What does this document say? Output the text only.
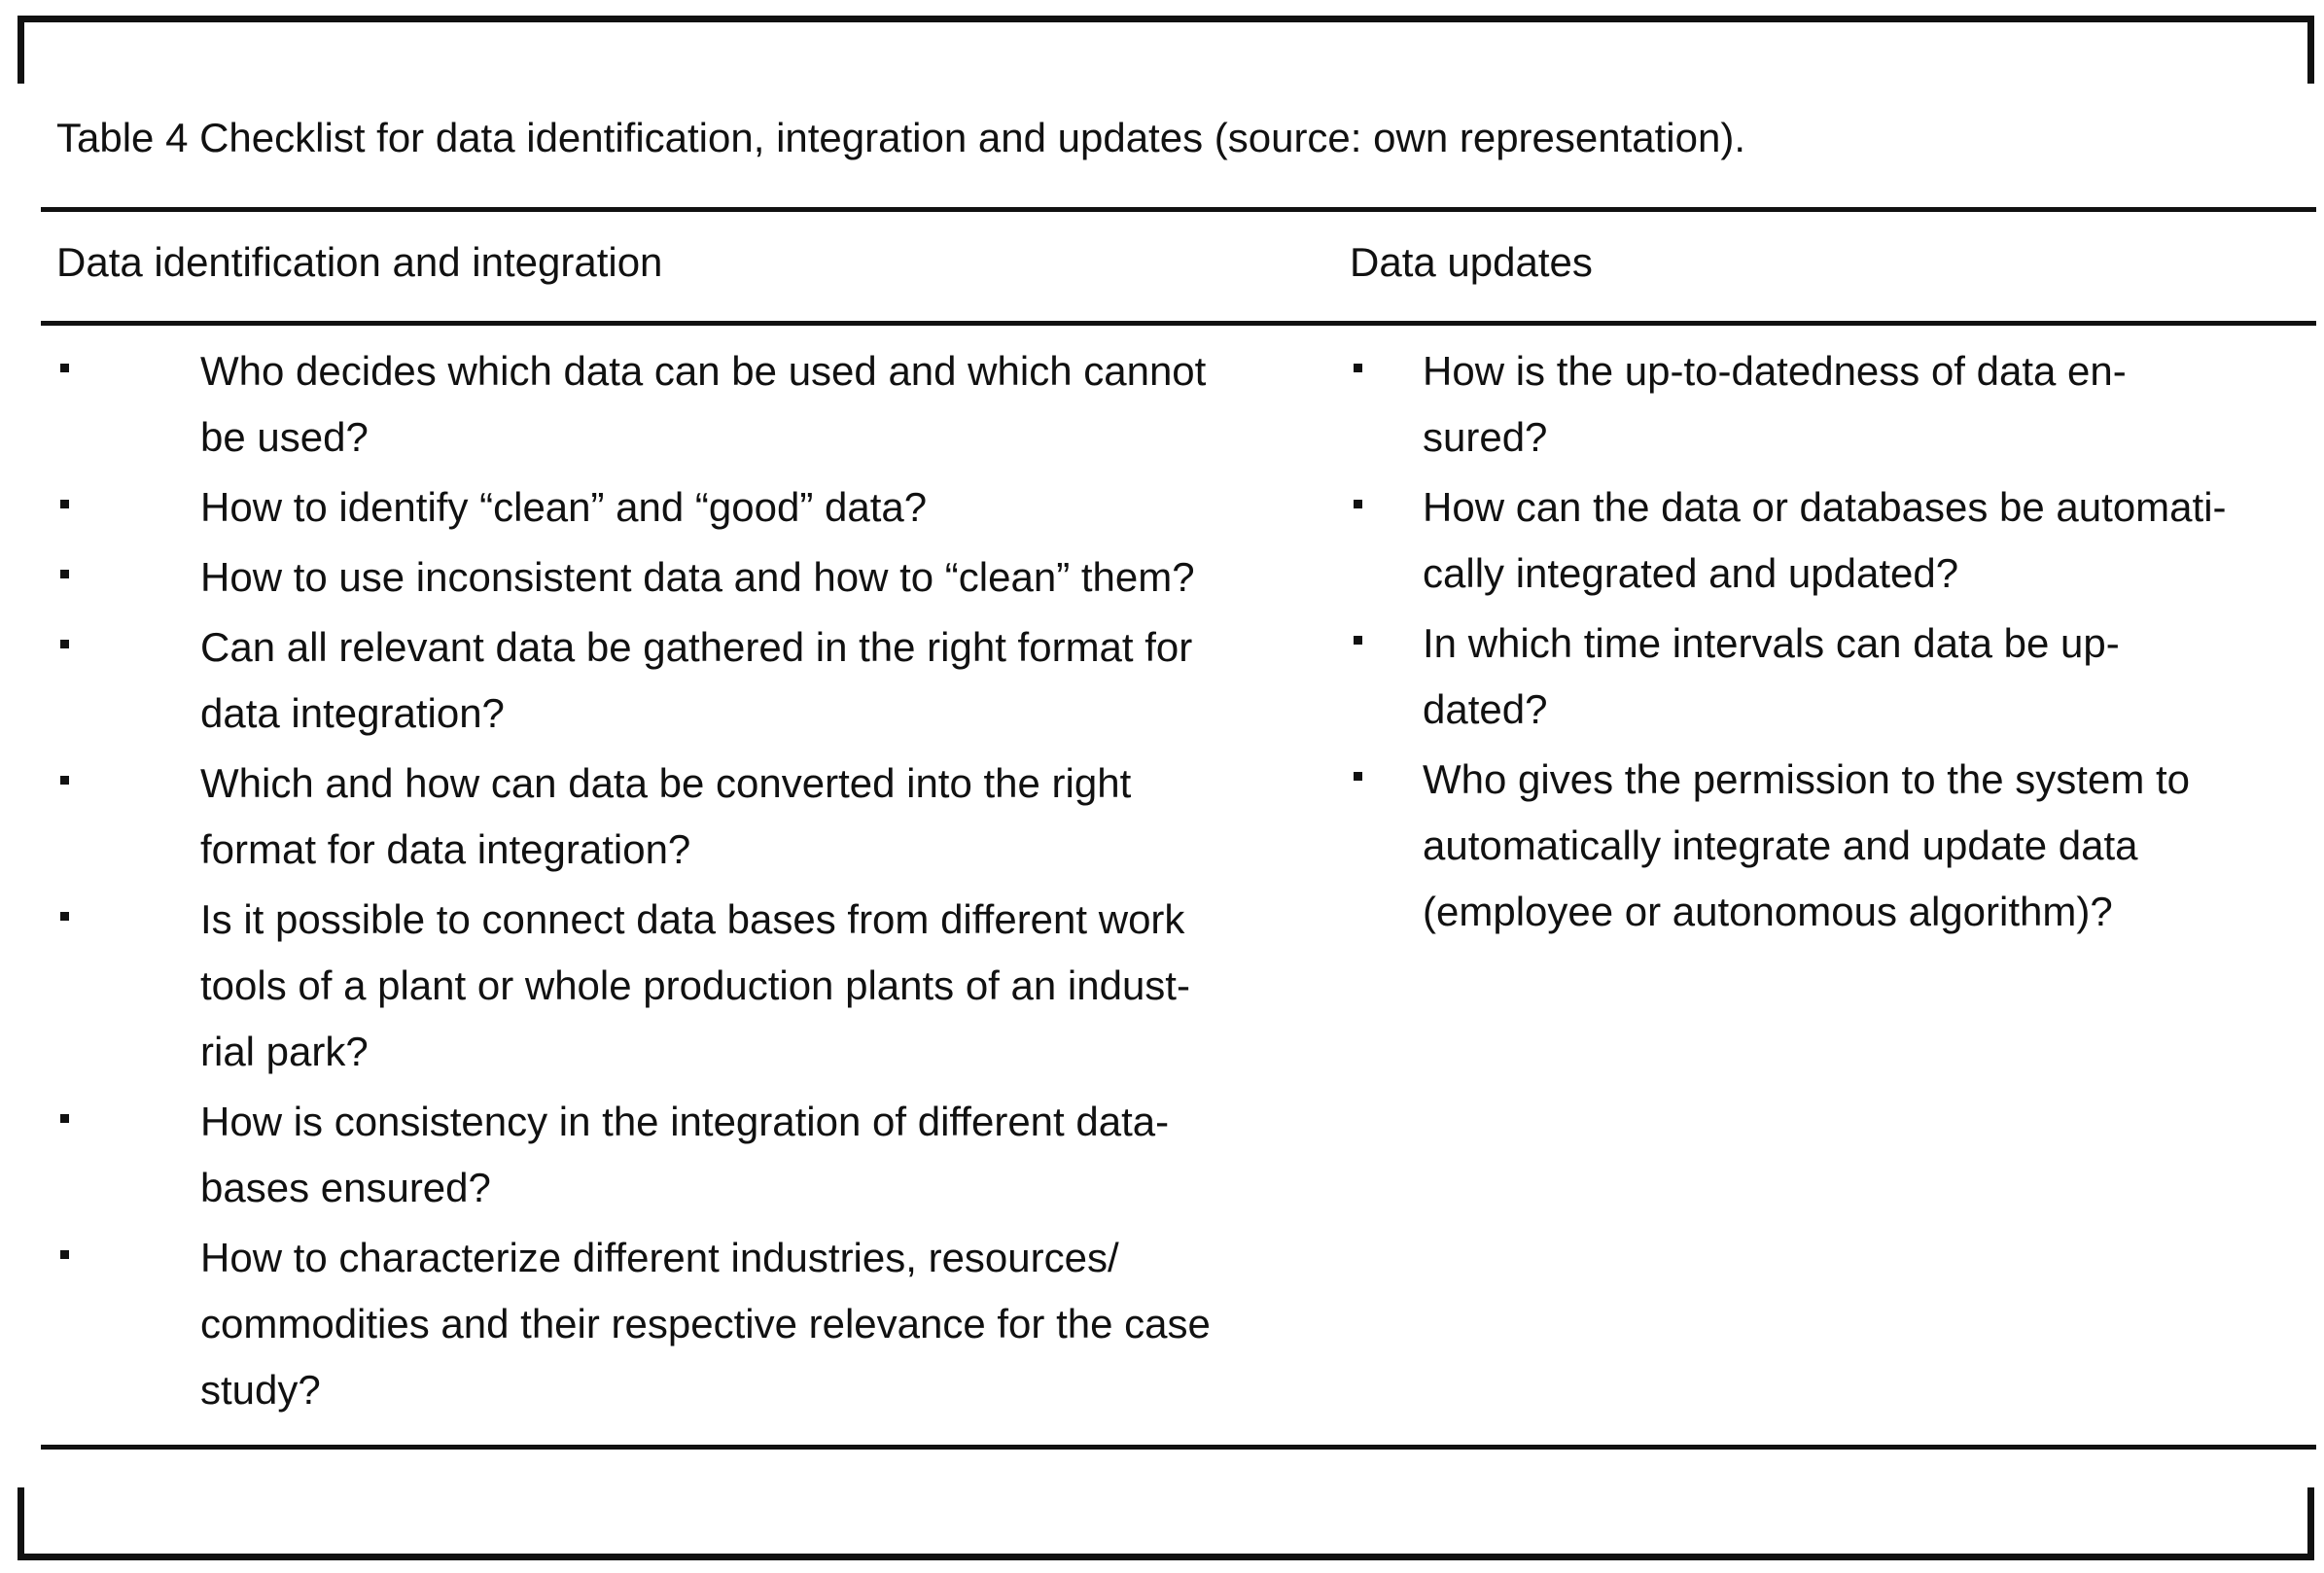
Table 4 Checklist for data identification, integration and updates (source: own representation).
Data identification and integration	Data updates
Who decides which data can be used and which cannot
be used?
How to identify “clean” and “good” data?
How to use inconsistent data and how to “clean” them?
Can all relevant data be gathered in the right format for
data integration?
Which and how can data be converted into the right
format for data integration?
Is it possible to connect data bases from different work
tools of a plant or whole production plants of an indust-
rial park?
How is consistency in the integration of different data-
bases ensured?
How to characterize different industries, resources/
commodities and their respective relevance for the case
study?
How is the up-to-datedness of data en-
sured?
How can the data or databases be automati-
cally integrated and updated?
In which time intervals can data be up-
dated?
Who gives the permission to the system to
automatically integrate and update data
(employee or autonomous algorithm)?
